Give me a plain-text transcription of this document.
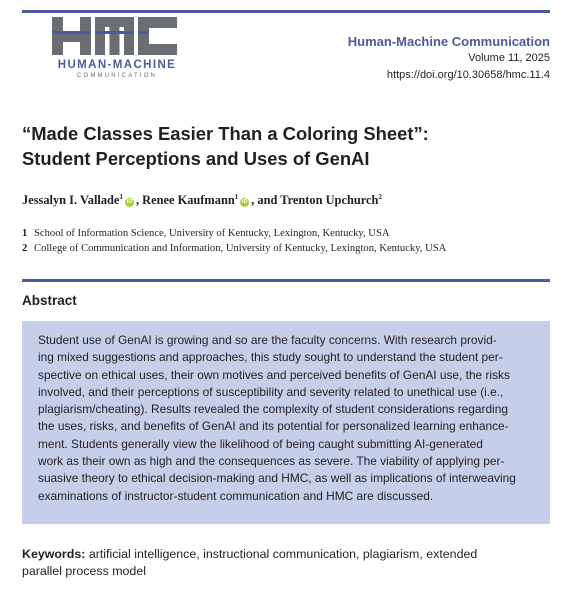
HUMAN-MACHINE
COMMUNICATION
Human-Machine Communication
Volume 11, 2025
https://doi.org/10.30658/hmc.11.4
“Made Classes Easier Than a Coloring Sheet”:
Student Perceptions and Uses of GenAI
Jessalyn I. Vallade$^1$iD , Renee Kaufmann$^1$iD , and Trenton Upchurch$^2$
1 School of Information Science, University of Kentucky, Lexington, Kentucky, USA
2 College of Communication and Information, University of Kentucky, Lexington, Kentucky, USA
Abstract
Student use of GenAI is growing and so are the faculty concerns. With research provid-
ing mixed suggestions and approaches, this study sought to understand the student per-
spective on ethical uses, their own motives and perceived benefits of GenAI use, the risks
involved, and their perceptions of susceptibility and severity related to unethical use (i.e.,
plagiarism/cheating). Results revealed the complexity of student considerations regarding
the uses, risks, and benefits of GenAI and its potential for personalized learning enhance-
ment. Students generally view the likelihood of being caught submitting AI-generated
work as their own as high and the consequences as severe. The viability of applying per-
suasive theory to ethical decision-making and HMC, as well as implications of interweaving
examinations of instructor-student communication and HMC are discussed.
Keywords: artificial intelligence, instructional communication, plagiarism, extended
parallel process model
